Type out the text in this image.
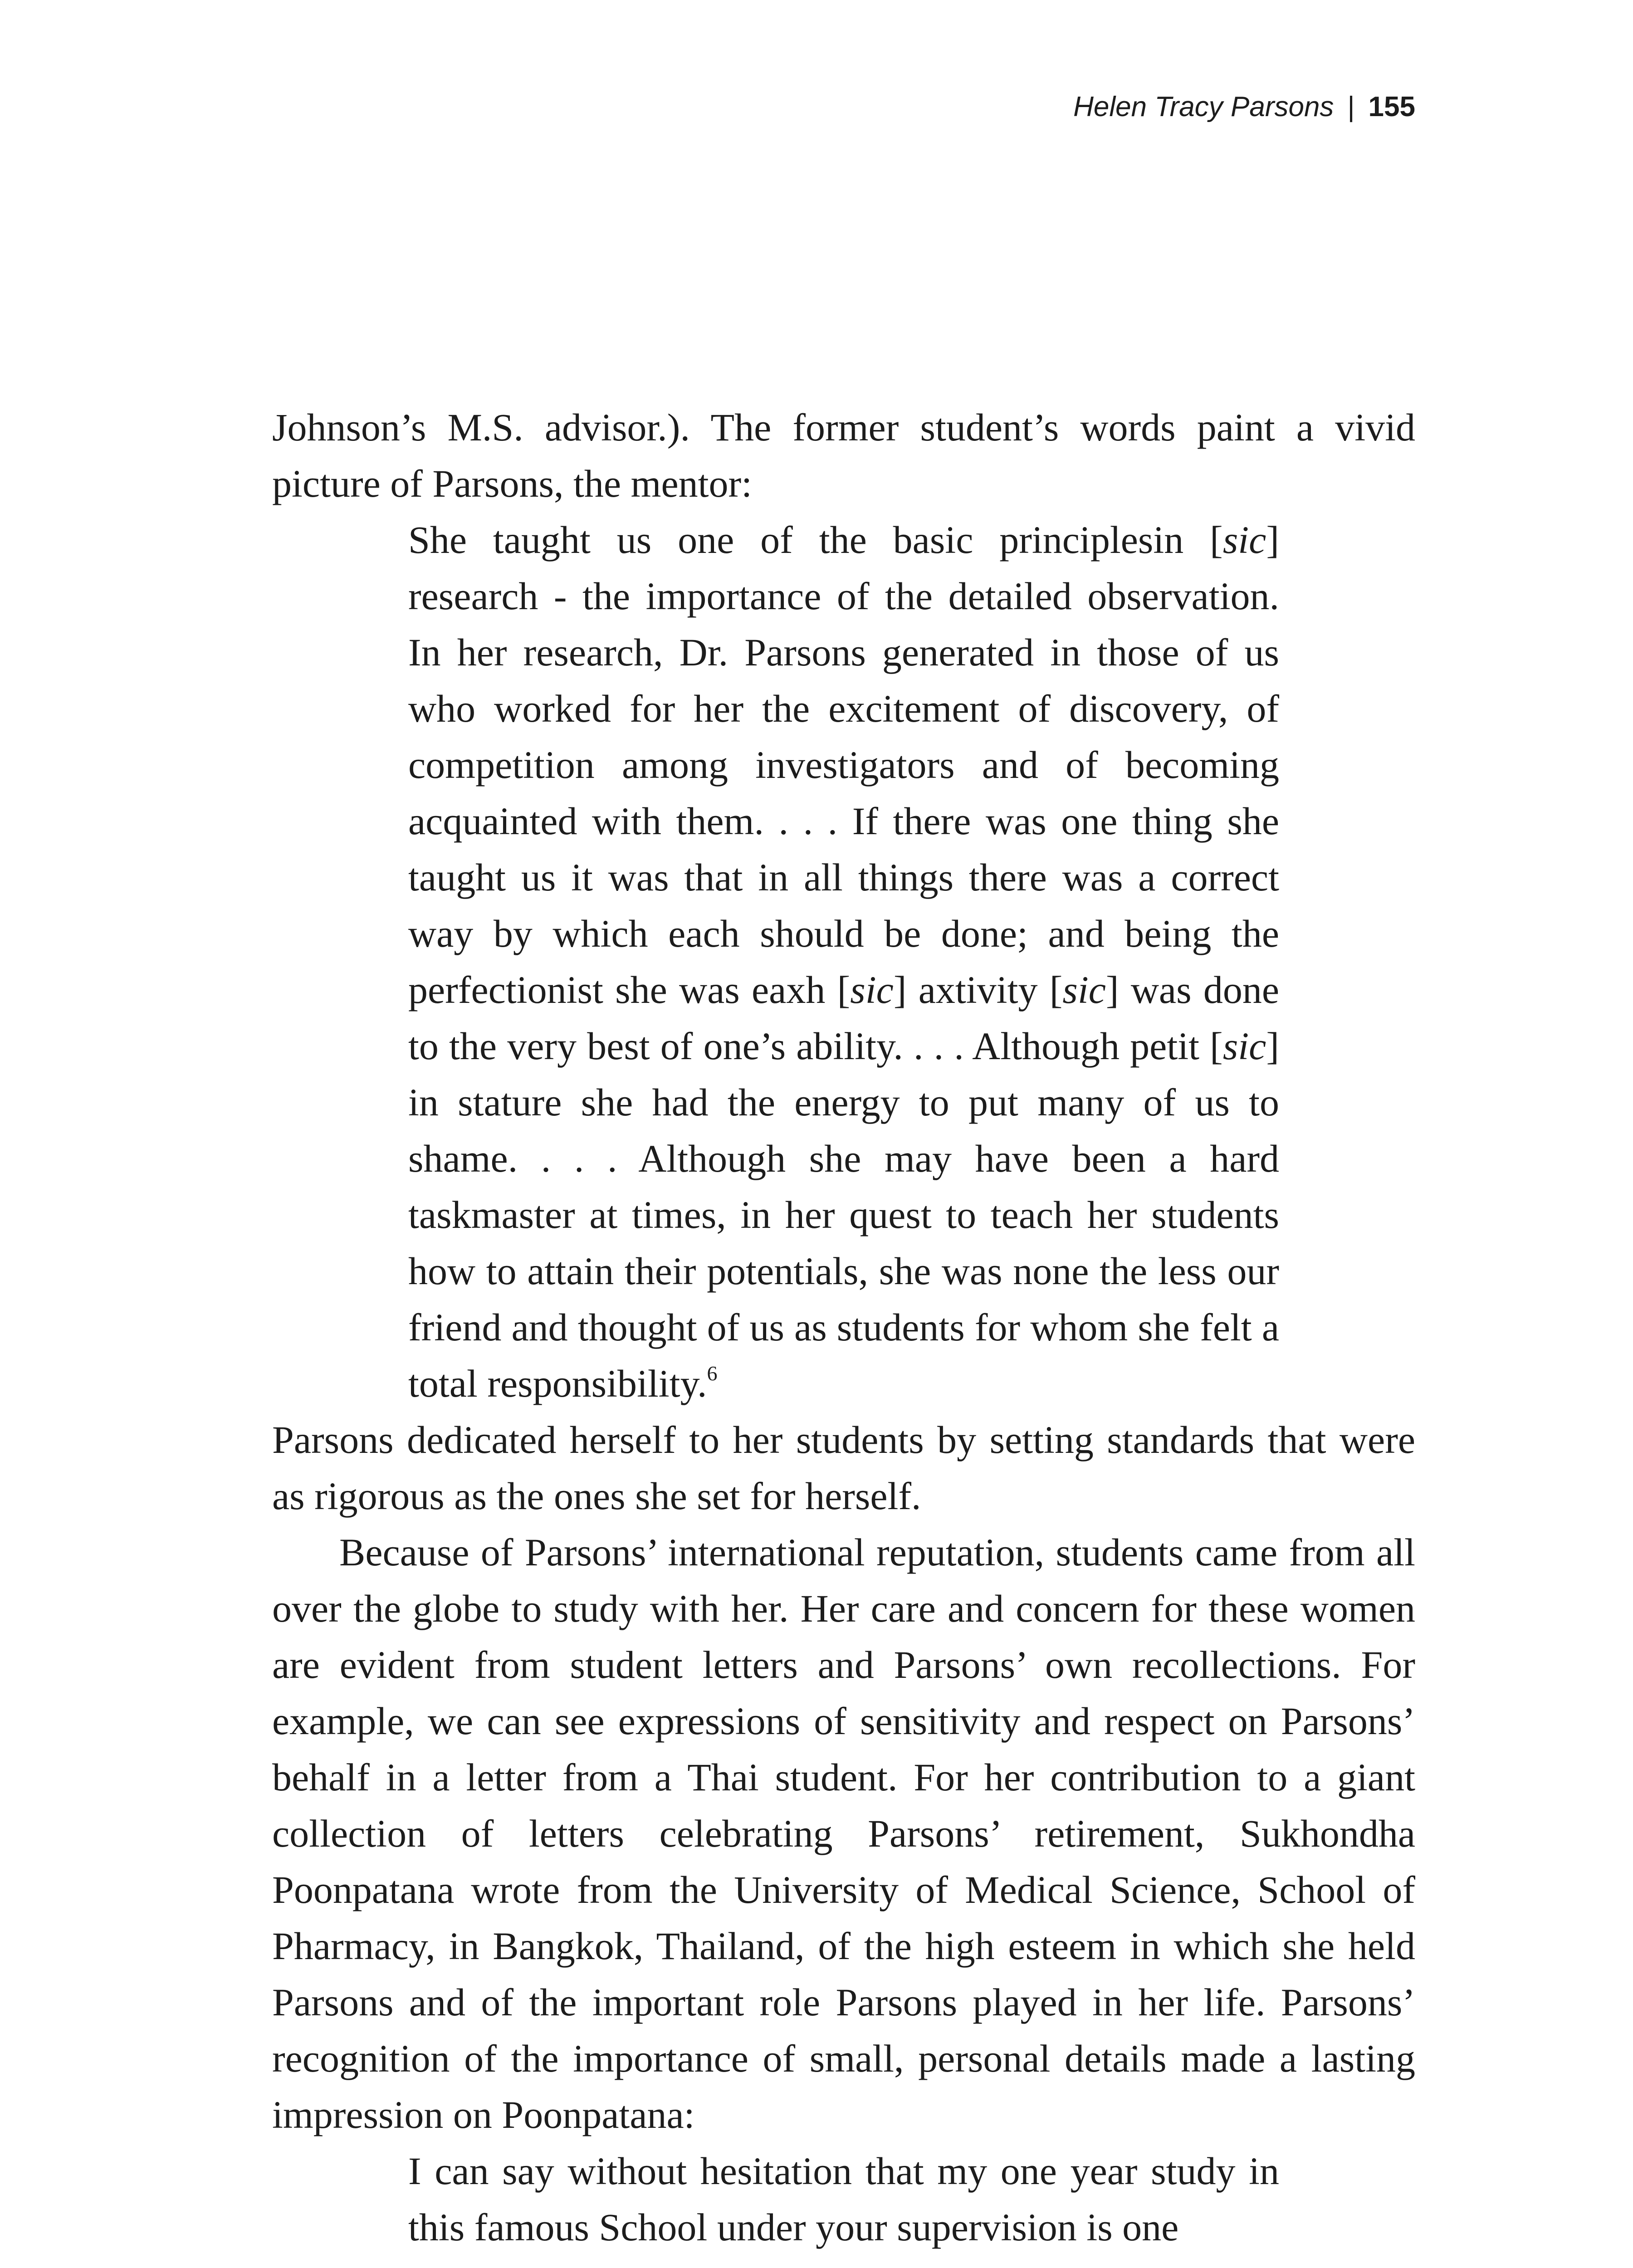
Helen Tracy Parsons | 155

Johnson’s M.S. advisor.). The former student’s words paint a vivid picture of Parsons, the mentor:

She taught us one of the basic principlesin [sic] research - the importance of the detailed observation. In her research, Dr. Parsons generated in those of us who worked for her the excitement of discovery, of competition among investigators and of becoming acquainted with them. . . . If there was one thing she taught us it was that in all things there was a correct way by which each should be done; and being the perfectionist she was eaxh [sic] axtivity [sic] was done to the very best of one’s ability. . . . Although petit [sic] in stature she had the energy to put many of us to shame. . . . Although she may have been a hard taskmaster at times, in her quest to teach her students how to attain their potentials, she was none the less our friend and thought of us as students for whom she felt a total responsibility.$^6$

Parsons dedicated herself to her students by setting standards that were as rigorous as the ones she set for herself.

Because of Parsons’ international reputation, students came from all over the globe to study with her. Her care and concern for these women are evident from student letters and Parsons’ own recollections. For example, we can see expressions of sensitivity and respect on Parsons’ behalf in a letter from a Thai student. For her contribution to a giant collection of letters celebrating Parsons’ retirement, Sukhondha Poonpatana wrote from the University of Medical Science, School of Pharmacy, in Bangkok, Thailand, of the high esteem in which she held Parsons and of the important role Parsons played in her life. Parsons’ recognition of the importance of small, personal details made a lasting impression on Poonpatana:

I can say without hesitation that my one year study in this famous School under your supervision is one
